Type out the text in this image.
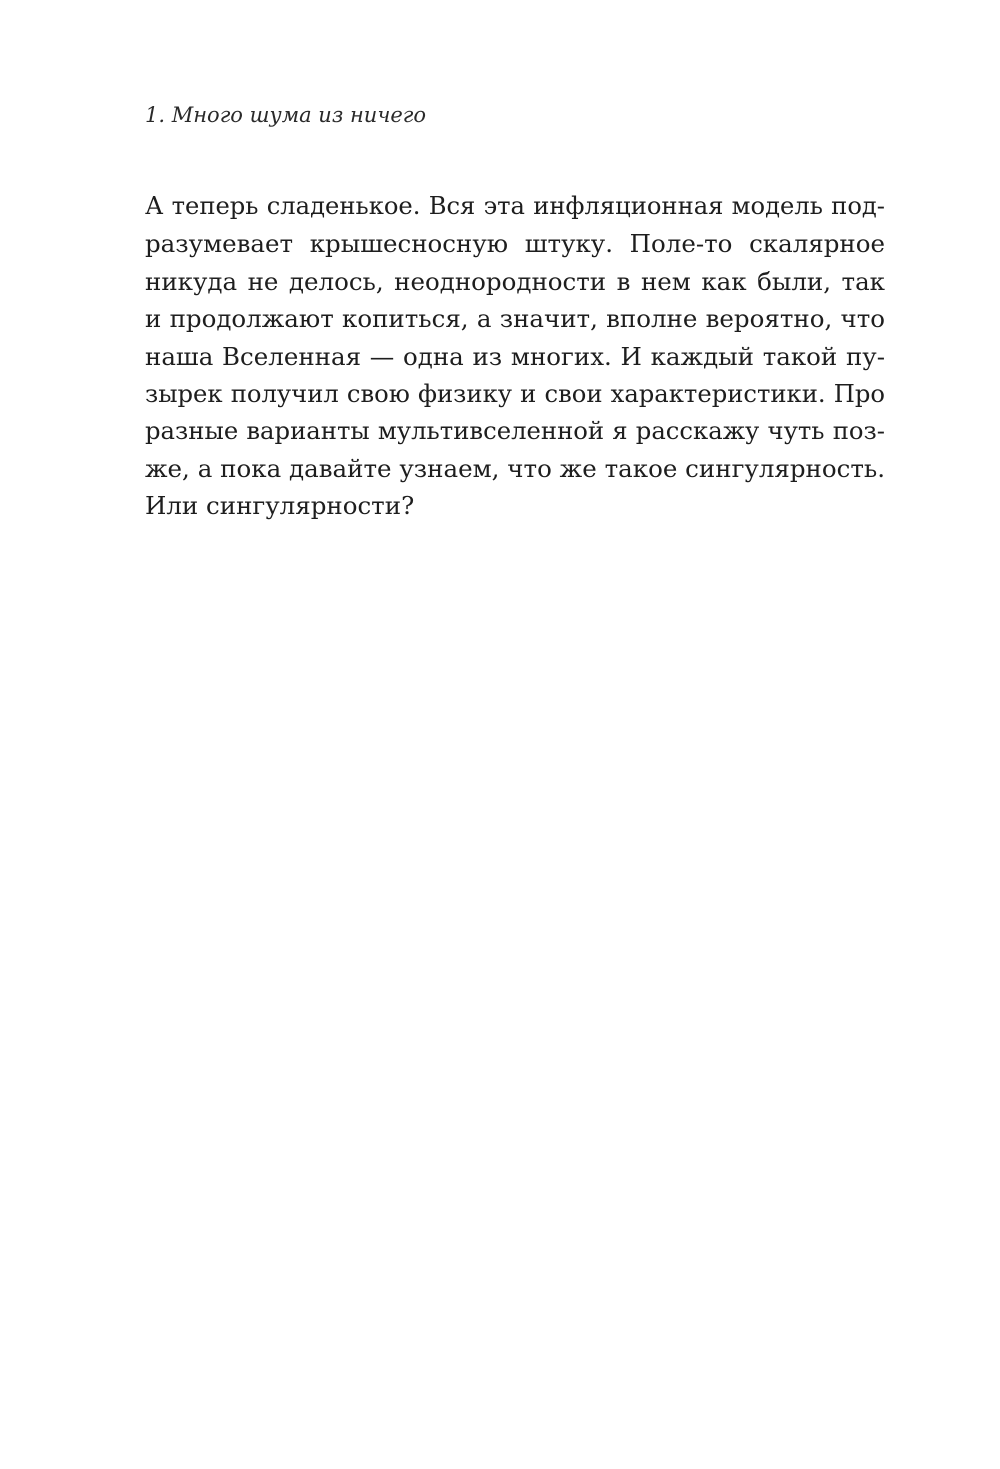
1. Много шума из ничего
А теперь сладенькое. Вся эта инфляционная модель под-
разумевает крышесносную штуку. Поле-то скалярное
никуда не делось, неоднородности в нем как были, так
и продолжают копиться, а значит, вполне вероятно, что
наша Вселенная — одна из многих. И каждый такой пу-
зырек получил свою физику и свои характеристики. Про
разные варианты мультивселенной я расскажу чуть поз-
же, а пока давайте узнаем, что же такое сингулярность.
Или сингулярности?
